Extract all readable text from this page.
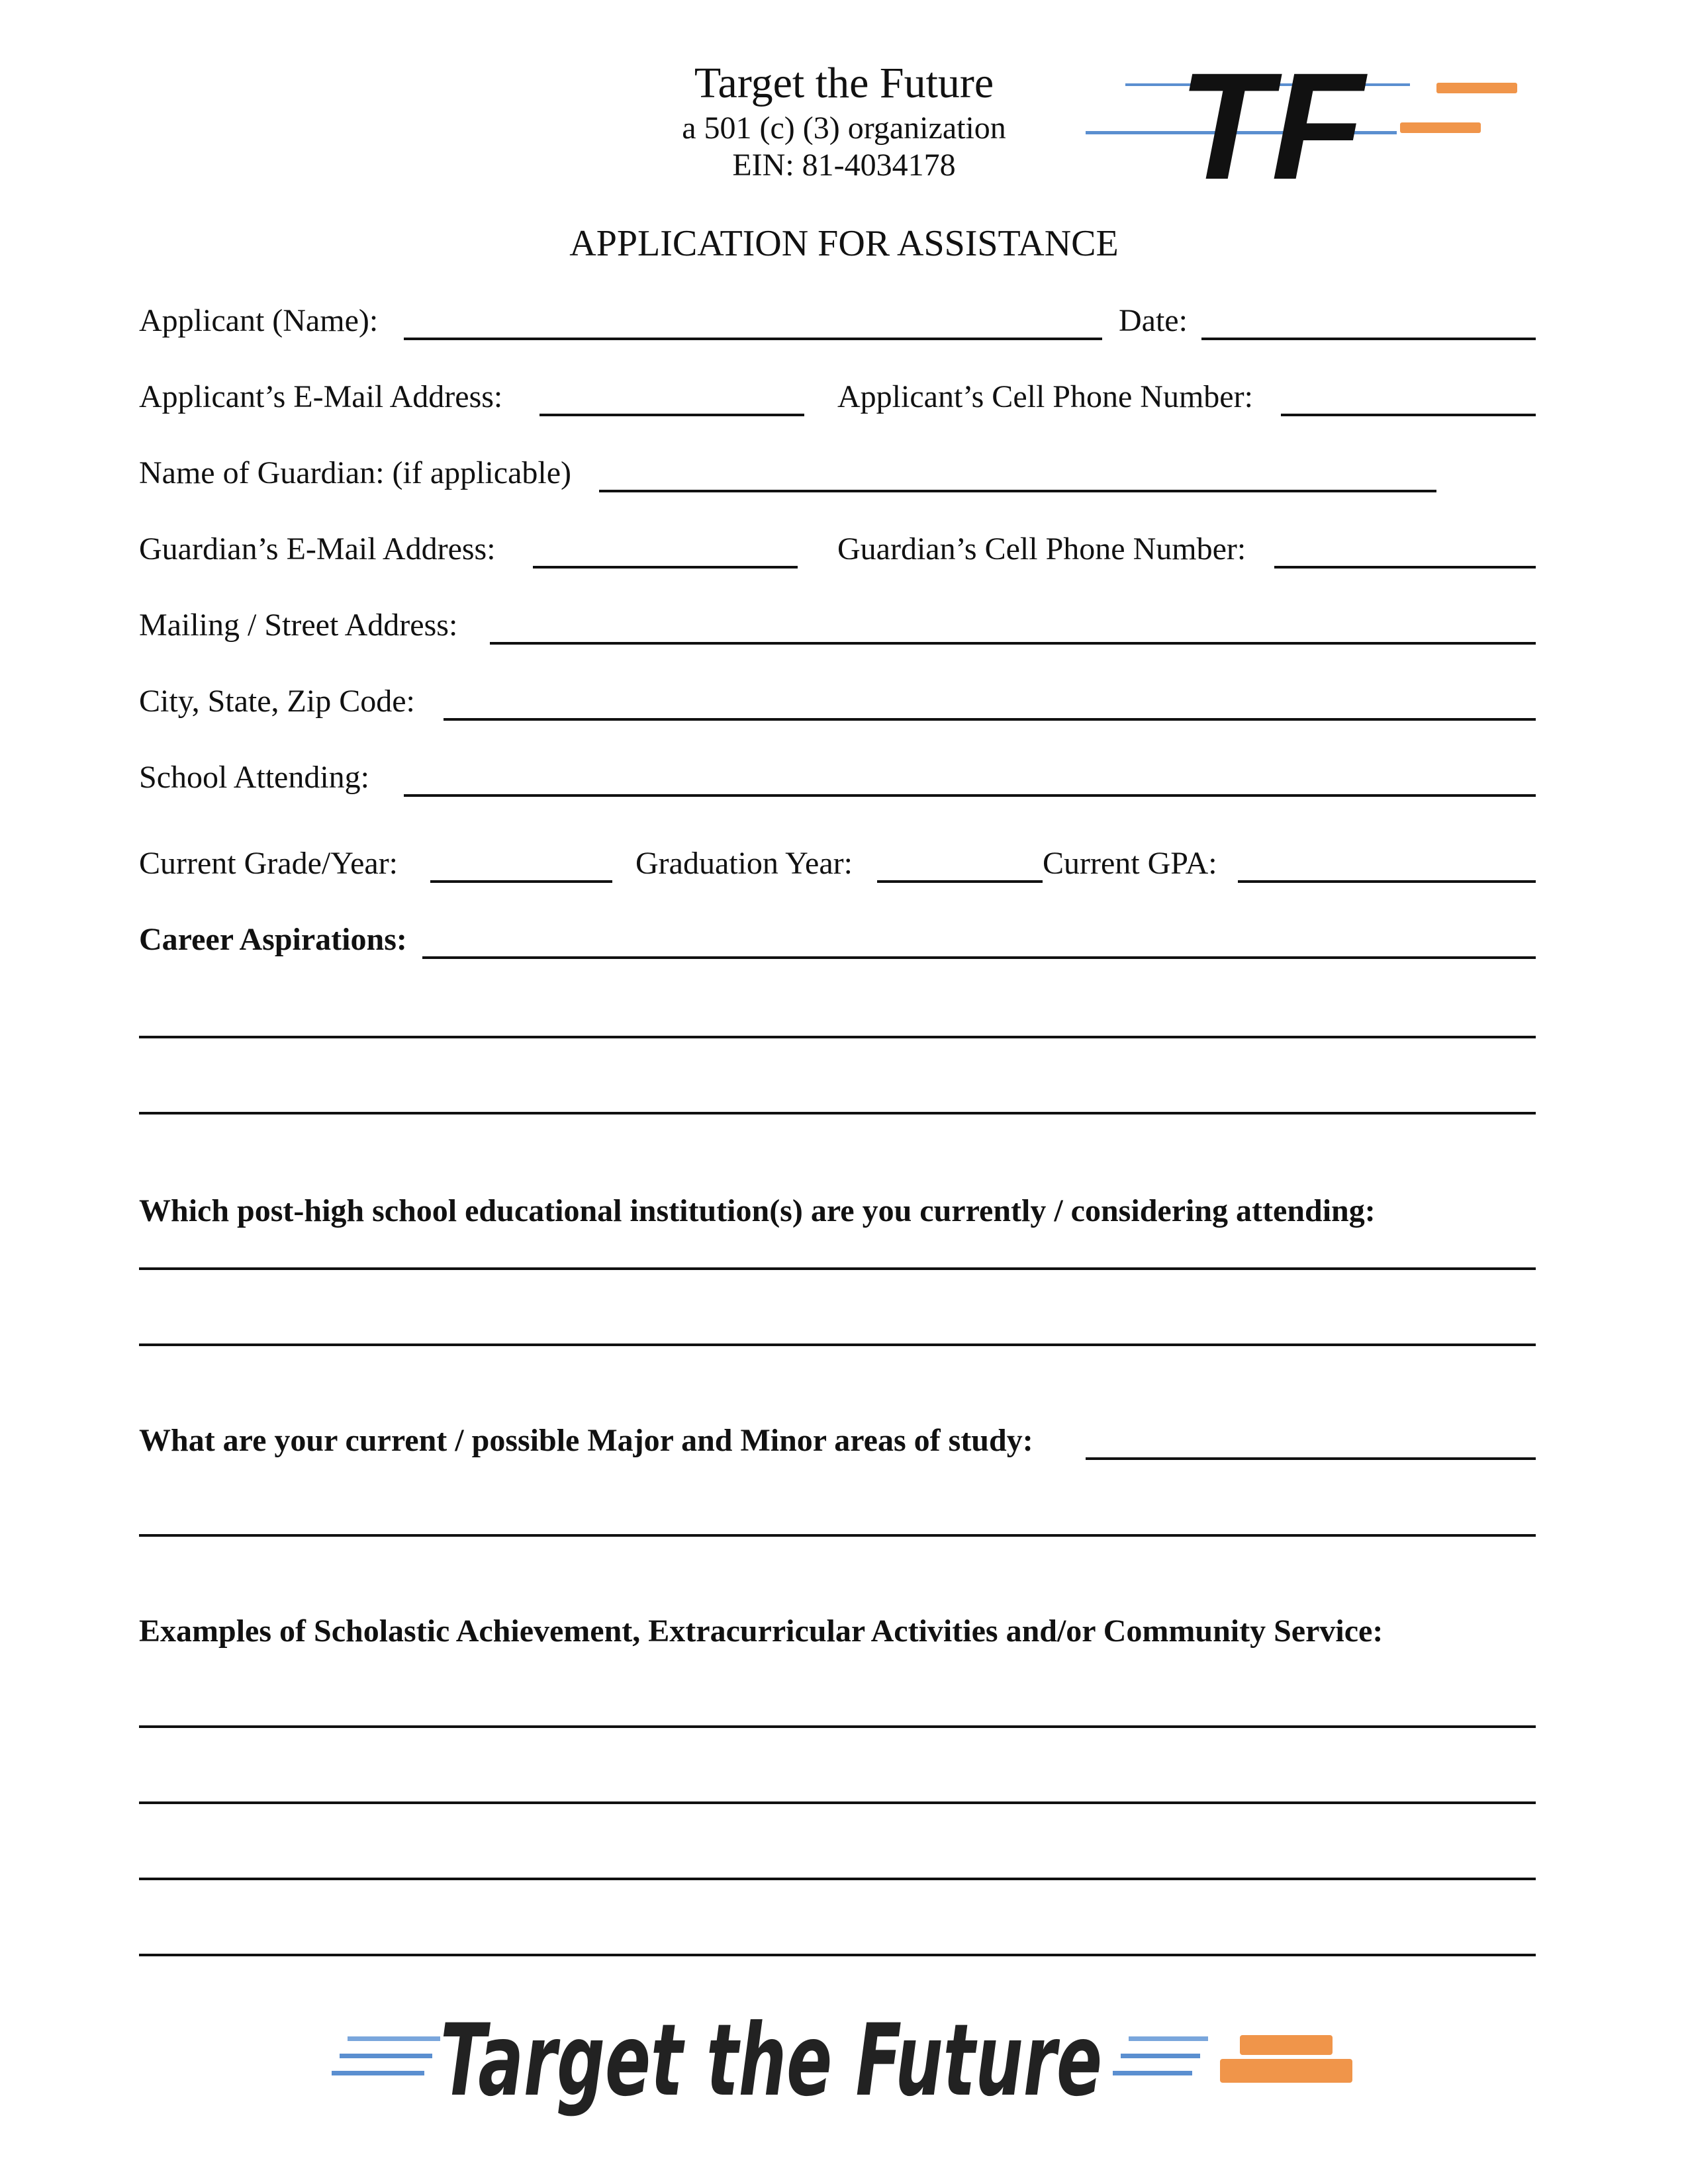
Target the Future
a 501 (c) (3) organization
EIN: 81-4034178	TF
APPLICATION FOR ASSISTANCE
Applicant (Name):	Date:
Applicant’s E-Mail Address:	Applicant’s Cell Phone Number:
Name of Guardian: (if applicable)
Guardian’s E-Mail Address:	Guardian’s Cell Phone Number:
Mailing / Street Address:
City, State, Zip Code:
School Attending:
Current Grade/Year:	Graduation Year:	Current GPA:
Career Aspirations:
Which post-high school educational institution(s) are you currently / considering attending:
What are your current / possible Major and Minor areas of study:
Examples of Scholastic Achievement, Extracurricular Activities and/or Community Service:
Target the Future
